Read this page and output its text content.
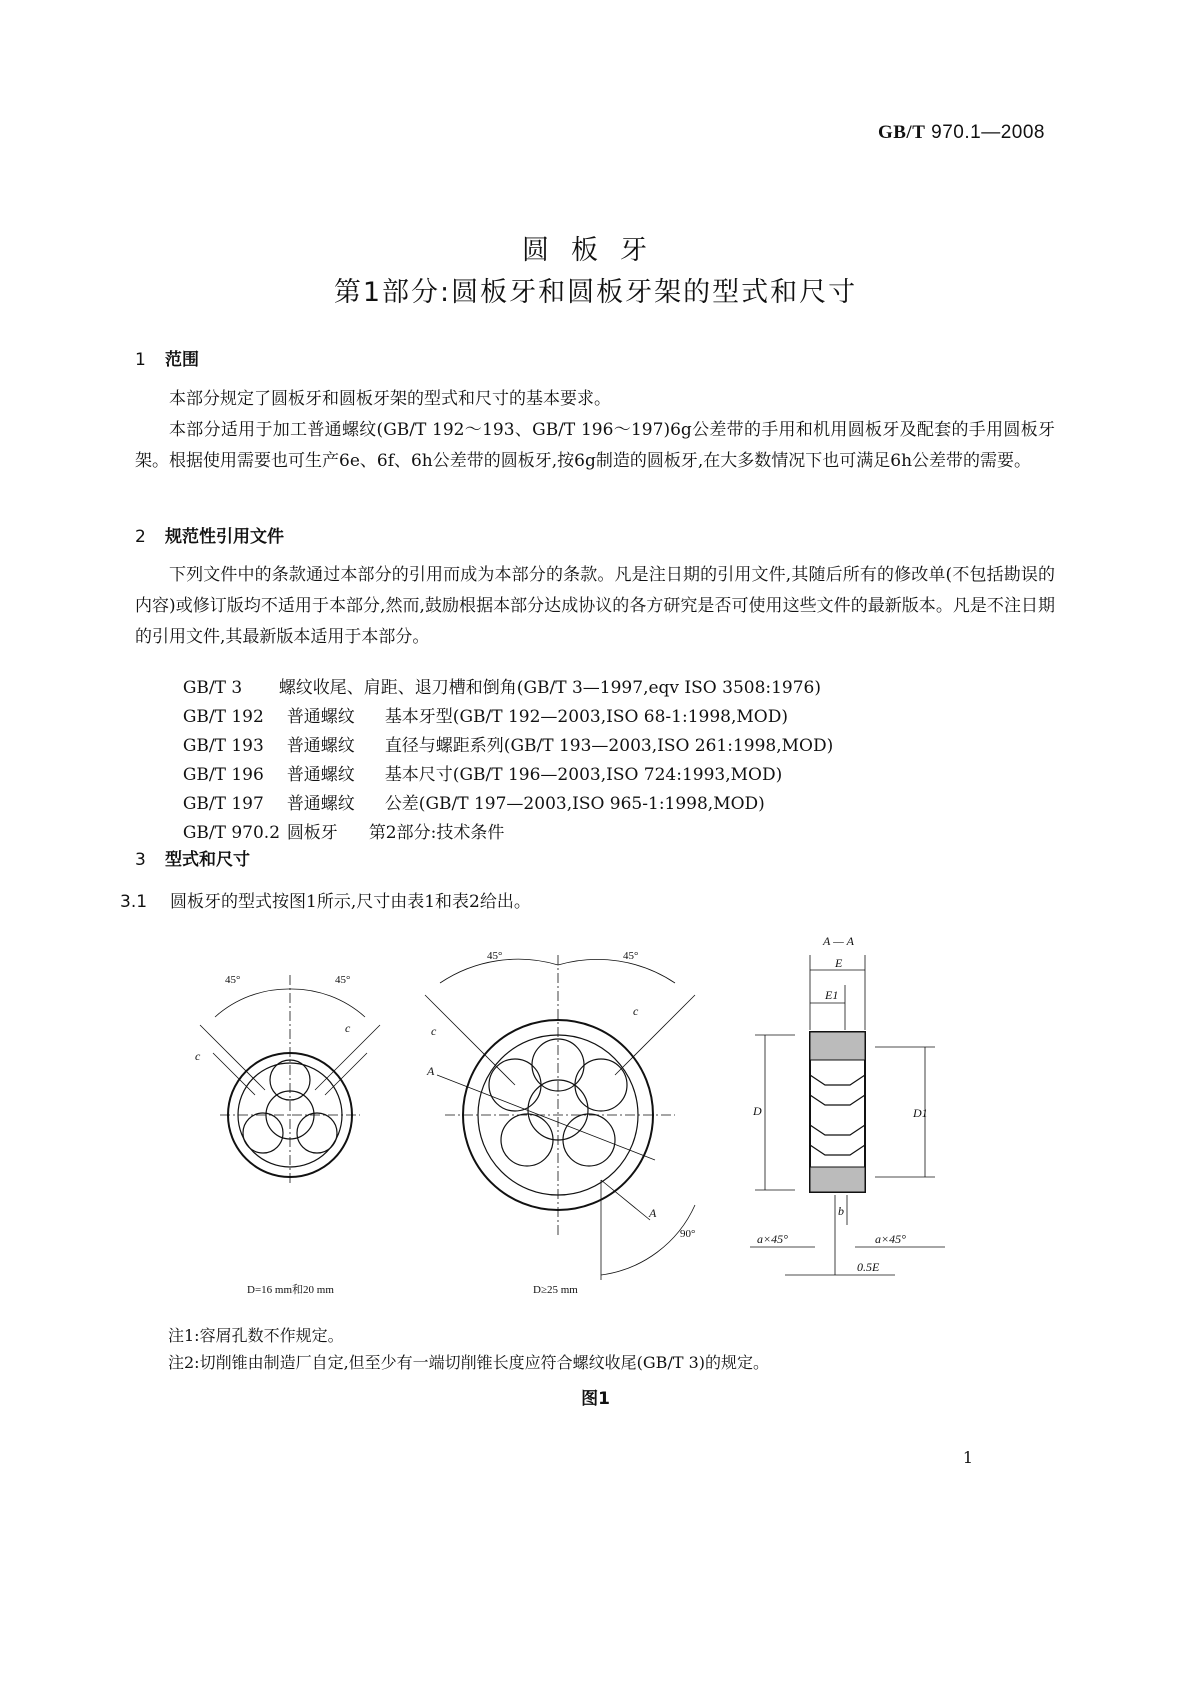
GB/T 970.1—2008
圆板牙
第1部分:圆板牙和圆板牙架的型式和尺寸
1 范围

本部分规定了圆板牙和圆板牙架的型式和尺寸的基本要求。

本部分适用于加工普通螺纹(GB/T 192～193、GB/T 196～197)6g公差带的手用和机用圆板牙及配套的手用圆板牙架。根据使用需要也可生产6e、6f、6h公差带的圆板牙,按6g制造的圆板牙,在大多数情况下也可满足6h公差带的需要。

2 规范性引用文件

下列文件中的条款通过本部分的引用而成为本部分的条款。凡是注日期的引用文件,其随后所有的修改单(不包括勘误的内容)或修订版均不适用于本部分,然而,鼓励根据本部分达成协议的各方研究是否可使用这些文件的最新版本。凡是不注日期的引用文件,其最新版本适用于本部分。

GB/T 3 螺纹收尾、肩距、退刀槽和倒角(GB/T 3—1997,eqv ISO 3508:1976)

GB/T 192 普通螺纹 基本牙型(GB/T 192—2003,ISO 68-1:1998,MOD)

GB/T 193 普通螺纹 直径与螺距系列(GB/T 193—2003,ISO 261:1998,MOD)

GB/T 196 普通螺纹 基本尺寸(GB/T 196—2003,ISO 724:1993,MOD)

GB/T 197 普通螺纹 公差(GB/T 197—2003,ISO 965-1:1998,MOD)

GB/T 970.2 圆板牙 第2部分:技术条件

3 型式和尺寸
3.1 圆板牙的型式按图1所示,尺寸由表1和表2给出。
45°	45°
c
c
45°	45°
c
c
A
A
90°
A — A
E
E1
D	D1
b
a×45°	a×45°
0.5E
D=16 mm和20 mm	D≥25 mm
注1:容屑孔数不作规定。
注2:切削锥由制造厂自定,但至少有一端切削锥长度应符合螺纹收尾(GB/T 3)的规定。
图1
1
